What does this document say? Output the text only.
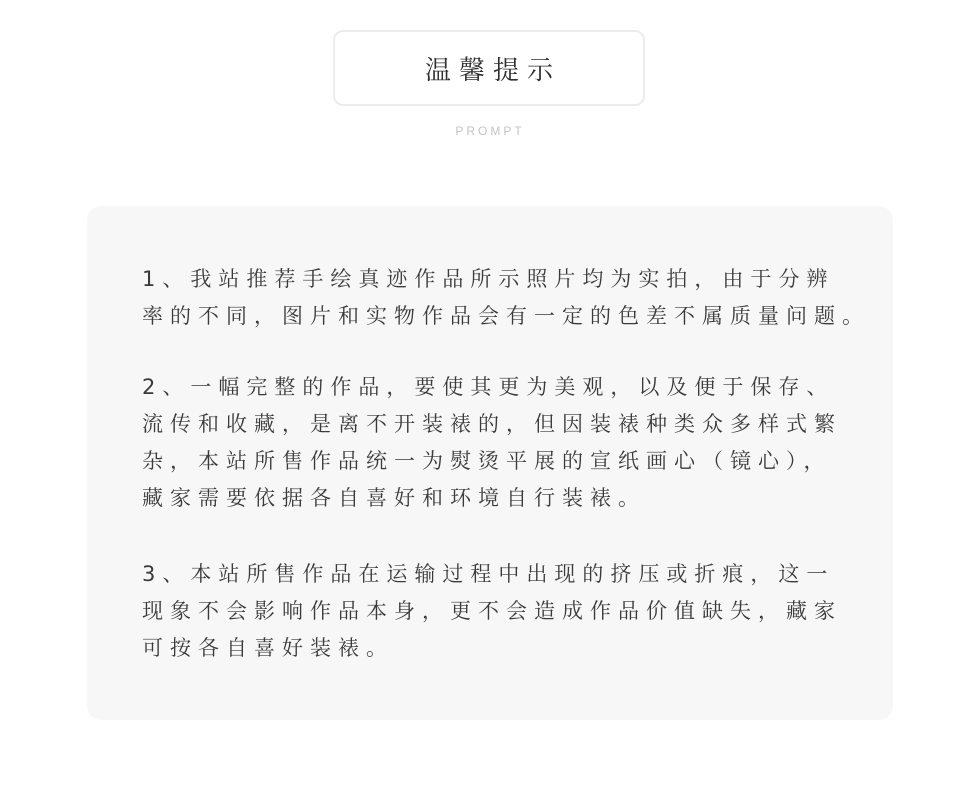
温馨提示
PROMPT

1、我站推荐手绘真迹作品所示照片均为实拍，由于分辨
率的不同，图片和实物作品会有一定的色差不属质量问题。

2、一幅完整的作品，要使其更为美观，以及便于保存、
流传和收藏，是离不开装裱的，但因装裱种类众多样式繁
杂，本站所售作品统一为熨烫平展的宣纸画心（镜心），
藏家需要依据各自喜好和环境自行装裱。

3、本站所售作品在运输过程中出现的挤压或折痕，这一
现象不会影响作品本身，更不会造成作品价值缺失，藏家
可按各自喜好装裱。
